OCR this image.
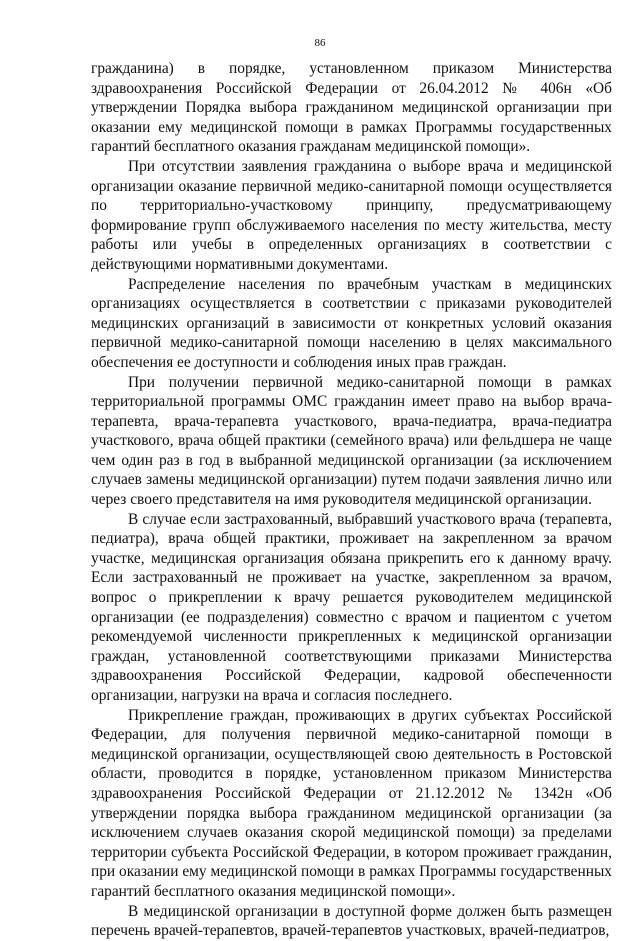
86

гражданина) в порядке, установленном приказом Министерства здравоохранения Российской Федерации от 26.04.2012 № 406н «Об утверждении Порядка выбора гражданином медицинской организации при оказании ему медицинской помощи в рамках Программы государственных гарантий бесплатного оказания гражданам медицинской помощи».

При отсутствии заявления гражданина о выборе врача и медицинской организации оказание первичной медико-санитарной помощи осуществляется по территориально-участковому принципу, предусматривающему формирование групп обслуживаемого населения по месту жительства, месту работы или учебы в определенных организациях в соответствии с действующими нормативными документами.

Распределение населения по врачебным участкам в медицинских организациях осуществляется в соответствии с приказами руководителей медицинских организаций в зависимости от конкретных условий оказания первичной медико-санитарной помощи населению в целях максимального обеспечения ее доступности и соблюдения иных прав граждан.

При получении первичной медико-санитарной помощи в рамках территориальной программы ОМС гражданин имеет право на выбор врача-терапевта, врача-терапевта участкового, врача-педиатра, врача-педиатра участкового, врача общей практики (семейного врача) или фельдшера не чаще чем один раз в год в выбранной медицинской организации (за исключением случаев замены медицинской организации) путем подачи заявления лично или через своего представителя на имя руководителя медицинской организации.

В случае если застрахованный, выбравший участкового врача (терапевта, педиатра), врача общей практики, проживает на закрепленном за врачом участке, медицинская организация обязана прикрепить его к данному врачу. Если застрахованный не проживает на участке, закрепленном за врачом, вопрос о прикреплении к врачу решается руководителем медицинской организации (ее подразделения) совместно с врачом и пациентом с учетом рекомендуемой численности прикрепленных к медицинской организации граждан, установленной соответствующими приказами Министерства здравоохранения Российской Федерации, кадровой обеспеченности организации, нагрузки на врача и согласия последнего.

Прикрепление граждан, проживающих в других субъектах Российской Федерации, для получения первичной медико-санитарной помощи в медицинской организации, осуществляющей свою деятельность в Ростовской области, проводится в порядке, установленном приказом Министерства здравоохранения Российской Федерации от 21.12.2012 № 1342н «Об утверждении порядка выбора гражданином медицинской организации (за исключением случаев оказания скорой медицинской помощи) за пределами территории субъекта Российской Федерации, в котором проживает гражданин, при оказании ему медицинской помощи в рамках Программы государственных гарантий бесплатного оказания медицинской помощи».

В медицинской организации в доступной форме должен быть размещен перечень врачей-терапевтов, врачей-терапевтов участковых, врачей-педиатров,
